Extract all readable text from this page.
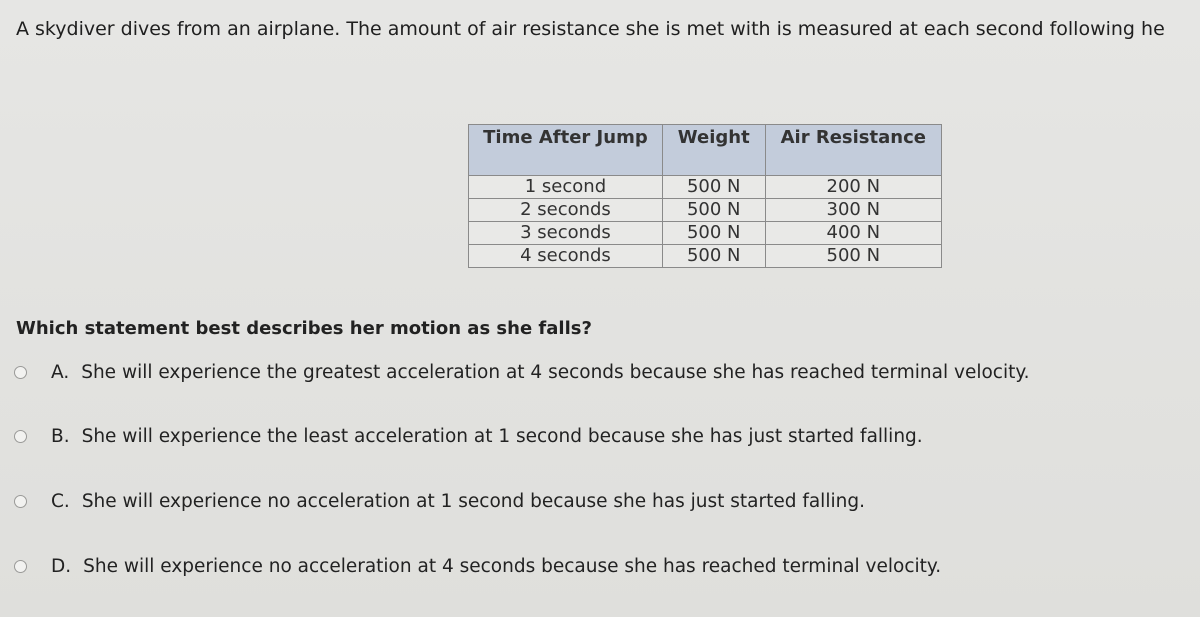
A skydiver dives from an airplane. The amount of air resistance she is met with is measured at each second following he
Time After Jump	Weight	Air Resistance
1 second	500 N	200 N
2 seconds	500 N	300 N
3 seconds	500 N	400 N
4 seconds	500 N	500 N
Which statement best describes her motion as she falls?
A. She will experience the greatest acceleration at 4 seconds because she has reached terminal velocity.
B. She will experience the least acceleration at 1 second because she has just started falling.
C. She will experience no acceleration at 1 second because she has just started falling.
D. She will experience no acceleration at 4 seconds because she has reached terminal velocity.
